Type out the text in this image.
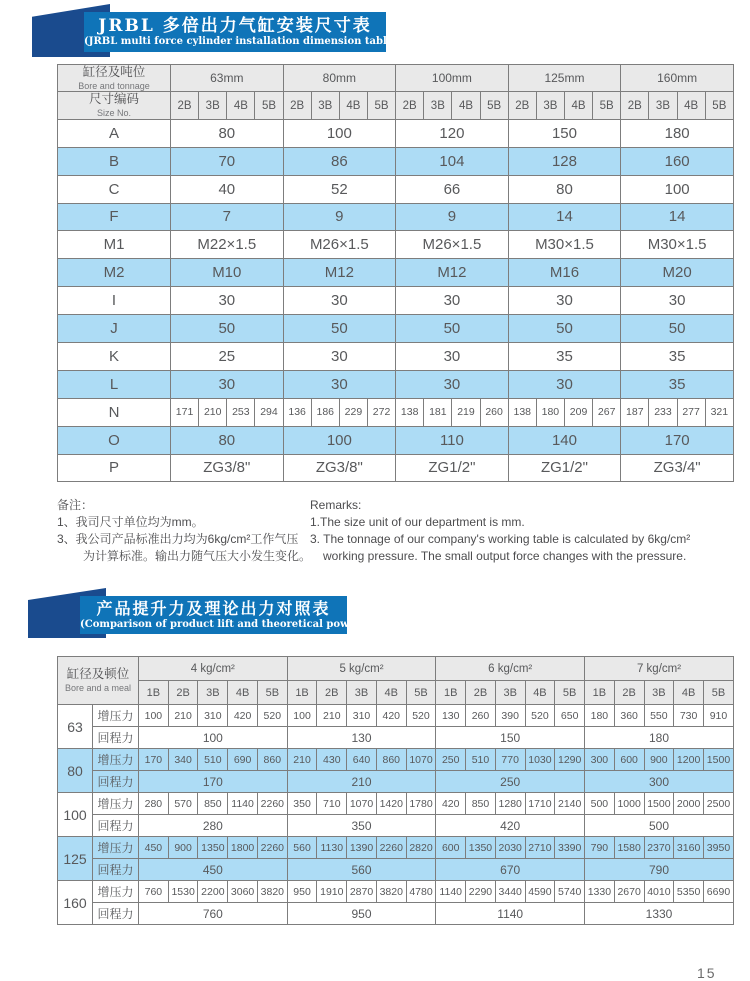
JRBL 多倍出力气缸安装尺寸表
(JRBL multi force cylinder installation dimension table)
缸径及吨位
Bore and tonnage	63mm				80mm				100mm				125mm				160mm			

尺寸编码
Size No.	2B	3B	4B	5B	2B	3B	4B	5B	2B	3B	4B	5B	2B	3B	4B	5B	2B	3B	4B	5B
A	80				100				120				150				180			
B	70				86				104				128				160			
C	40				52				66				80				100			
F	7				9				9				14				14			
M1	M22×1.5				M26×1.5				M26×1.5				M30×1.5				M30×1.5			
M2	M10				M12				M12				M16				M20			
I	30				30				30				30				30			
J	50				50				50				50				50			
K	25				30				30				35				35			
L	30				30				30				30				35			
N	171	210	253	294	136	186	229	272	138	181	219	260	138	180	209	267	187	233	277	321
O	80				100				110				140				170			
P	ZG3/8"				ZG3/8"				ZG1/2"				ZG1/2"				ZG3/4"			
备注：
1、我司尺寸单位均为mm。
3、我公司产品标准出力均为6kg/cm²工作气压
为计算标准。输出力随气压大小发生变化。
Remarks:
1.The size unit of our department is mm.
3. The tonnage of our company's working table is calculated by 6kg/cm²
working pressure. The small output force changes with the pressure.
产品提升力及理论出力对照表
(Comparison of product lift and theoretical power)
缸径及顿位
Bore and a meal		4 kg/cm²					5 kg/cm²					6 kg/cm²					7 kg/cm²				
		1B	2B	3B	4B	5B	1B	2B	3B	4B	5B	1B	2B	3B	4B	5B	1B	2B	3B	4B	5B
63	增压力	100	210	310	420	520	100	210	310	420	520	130	260	390	520	650	180	360	550	730	910
	回程力	100					130					150					180				
80	增压力	170	340	510	690	860	210	430	640	860	1070	250	510	770	1030	1290	300	600	900	1200	1500
	回程力	170					210					250					300				
100	增压力	280	570	850	1140	2260	350	710	1070	1420	1780	420	850	1280	1710	2140	500	1000	1500	2000	2500
	回程力	280					350					420					500				
125	增压力	450	900	1350	1800	2260	560	1130	1390	2260	2820	600	1350	2030	2710	3390	790	1580	2370	3160	3950
	回程力	450					560					670					790				
160	增压力	760	1530	2200	3060	3820	950	1910	2870	3820	4780	1140	2290	3440	4590	5740	1330	2670	4010	5350	6690
	回程力	760					950					1140					1330				
15
